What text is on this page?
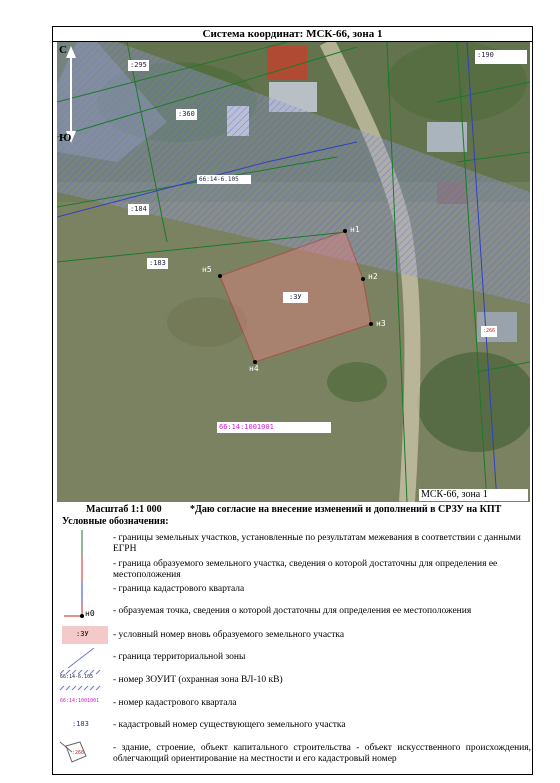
Система координат: МСК-66, зона 1
:295
:190
:360
:184
:183
66:14-6.105
:ЗУ
66:14:1001001
:266
н1
н2
н3
н4
н5
С
Ю
МСК-66, зона 1
Масштаб 1:1 000	*Даю согласие на внесение изменений и дополнений в СРЗУ на КПТ
Условные обозначения:
н0
:ЗУ
66:14-6.105
66:14:1001001
:183
:266
- границы земельных участков, установленные по результатам межевания в соответствии с данными ЕГРН
- граница образуемого земельного участка, сведения о которой достаточны для определения ее местоположения
- граница кадастрового квартала
- образуемая точка, сведения о которой достаточны для определения ее местоположения
- условный номер вновь образуемого земельного участка
- граница территориальной зоны
- номер ЗОУИТ (охранная зона ВЛ-10 кВ)
- номер кадастрового квартала
- кадастровый номер существующего земельного участка
- здание, строение, объект капитального строительства - объект искусственного происхождения, облегчающий ориентирование на местности и его кадастровый номер
